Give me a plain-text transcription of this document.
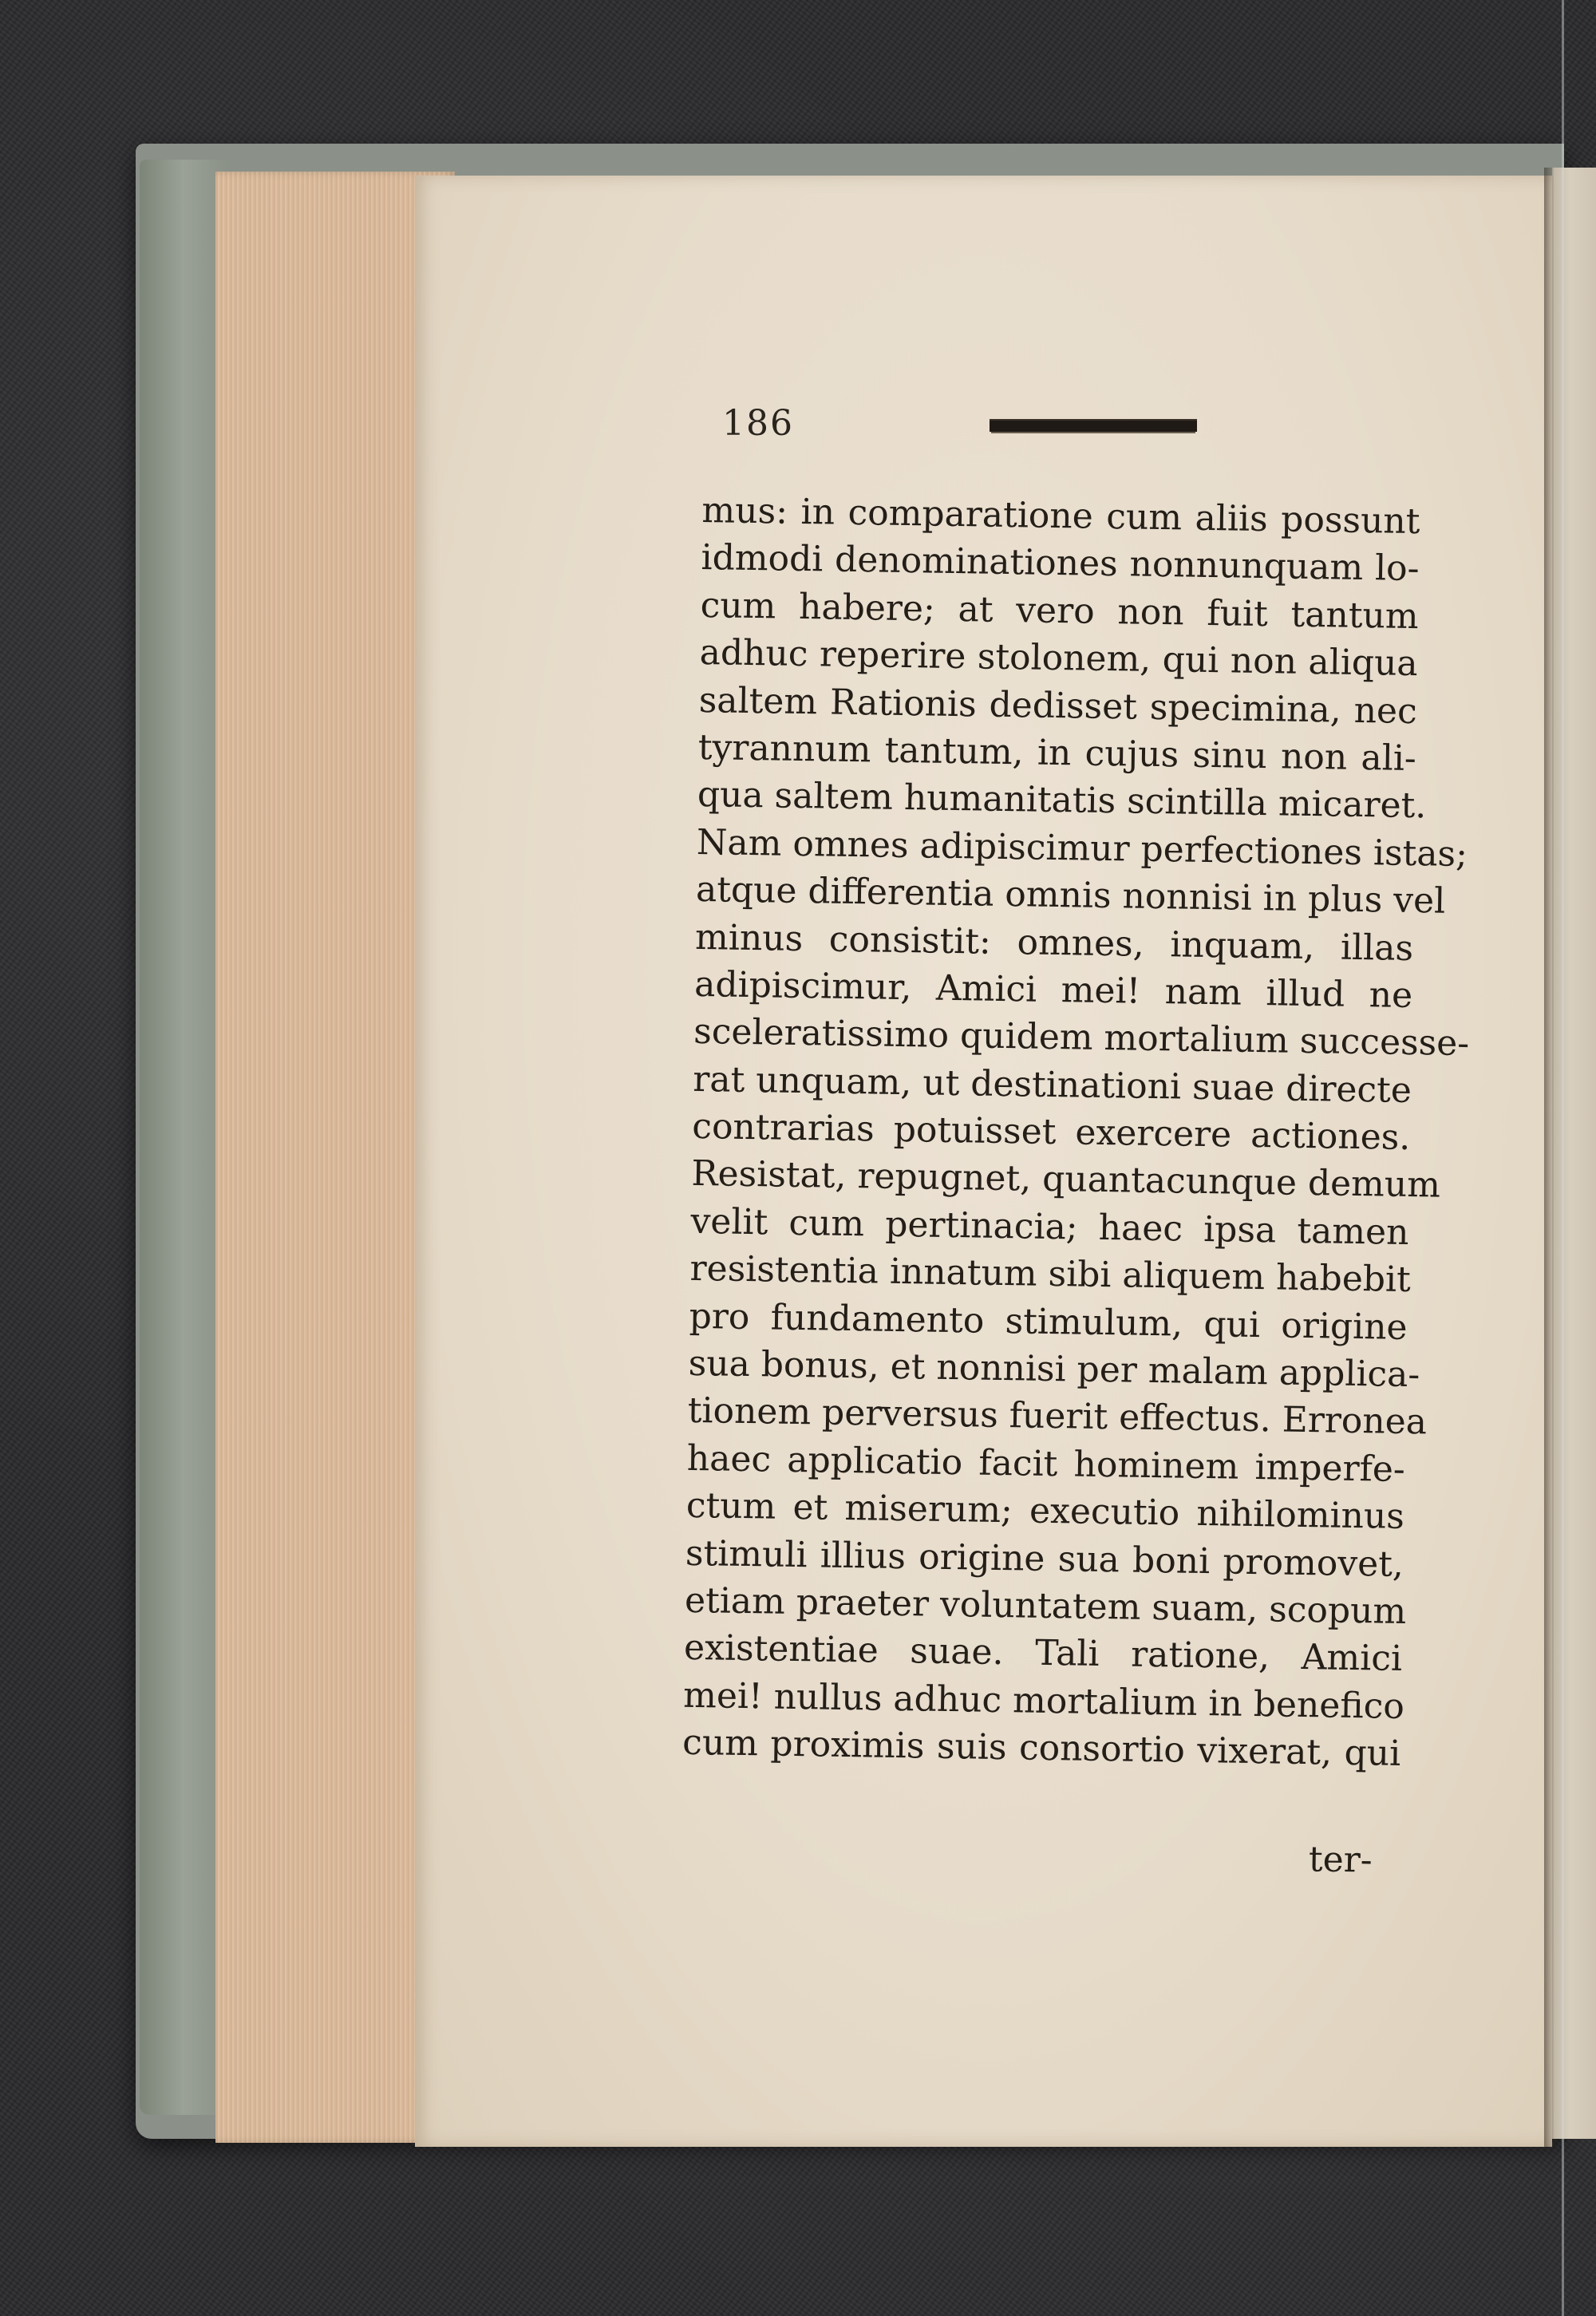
186
mus: in comparatione cum aliis possunt
idmodi denominationes nonnunquam lo-
cum habere; at vero non fuit tantum
adhuc reperire stolonem, qui non aliqua
saltem Rationis dedisset specimina, nec
tyrannum tantum, in cujus sinu non ali-
qua saltem humanitatis scintilla micaret.
Nam omnes adipiscimur perfectiones istas;
atque differentia omnis nonnisi in plus vel
minus consistit: omnes, inquam, illas
adipiscimur, Amici mei! nam illud ne
sceleratissimo quidem mortalium successe-
rat unquam, ut destinationi suae directe
contrarias potuisset exercere actiones.
Resistat, repugnet, quantacunque demum
velit cum pertinacia; haec ipsa tamen
resistentia innatum sibi aliquem habebit
pro fundamento stimulum, qui origine
sua bonus, et nonnisi per malam applica-
tionem perversus fuerit effectus. Erronea
haec applicatio facit hominem imperfe-
ctum et miserum; executio nihilominus
stimuli illius origine sua boni promovet,
etiam praeter voluntatem suam, scopum
existentiae suae. Tali ratione, Amici
mei! nullus adhuc mortalium in benefico
cum proximis suis consortio vixerat, qui
ter-
